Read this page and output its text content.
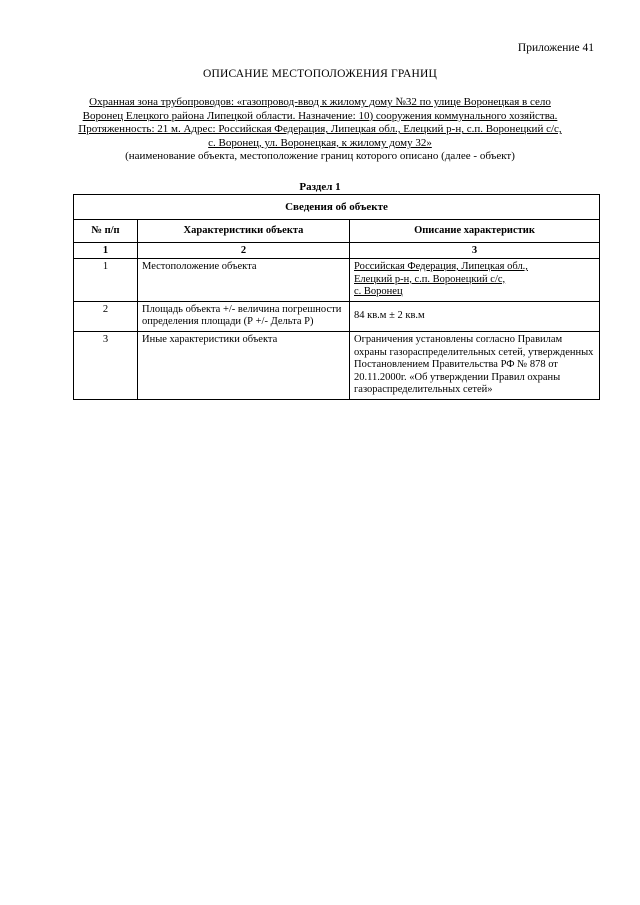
Приложение 41

ОПИСАНИЕ МЕСТОПОЛОЖЕНИЯ ГРАНИЦ

Охранная зона трубопроводов: «газопровод-ввод к жилому дому №32 по улице Воронецкая в село
Воронец Елецкого района Липецкой области. Назначение: 10) сооружения коммунального хозяйства.
Протяженность: 21 м. Адрес: Российская Федерация, Липецкая обл., Елецкий р-н, с.п. Воронецкий с/с,
с. Воронец, ул. Воронецкая, к жилому дому 32»
(наименование объекта, местоположение границ которого описано (далее - объект)

Раздел 1

Сведения об объекте		
№ п/п	Характеристики объекта	Описание характеристик
1	2	3
1	Местоположение объекта	Российская Федерация, Липецкая обл.,
Елецкий р-н, с.п. Воронецкий с/с,
с. Воронец

2	Площадь объекта +/- величина погрешности определения площади (Р +/- Дельта Р)	84 кв.м ± 2 кв.м
3	Иные характеристики объекта	Ограничения установлены согласно Правилам охраны газораспределительных сетей, утвержденных Постановлением Правительства РФ № 878 от 20.11.2000г. «Об утверждении Правил охраны газораспределительных сетей»
